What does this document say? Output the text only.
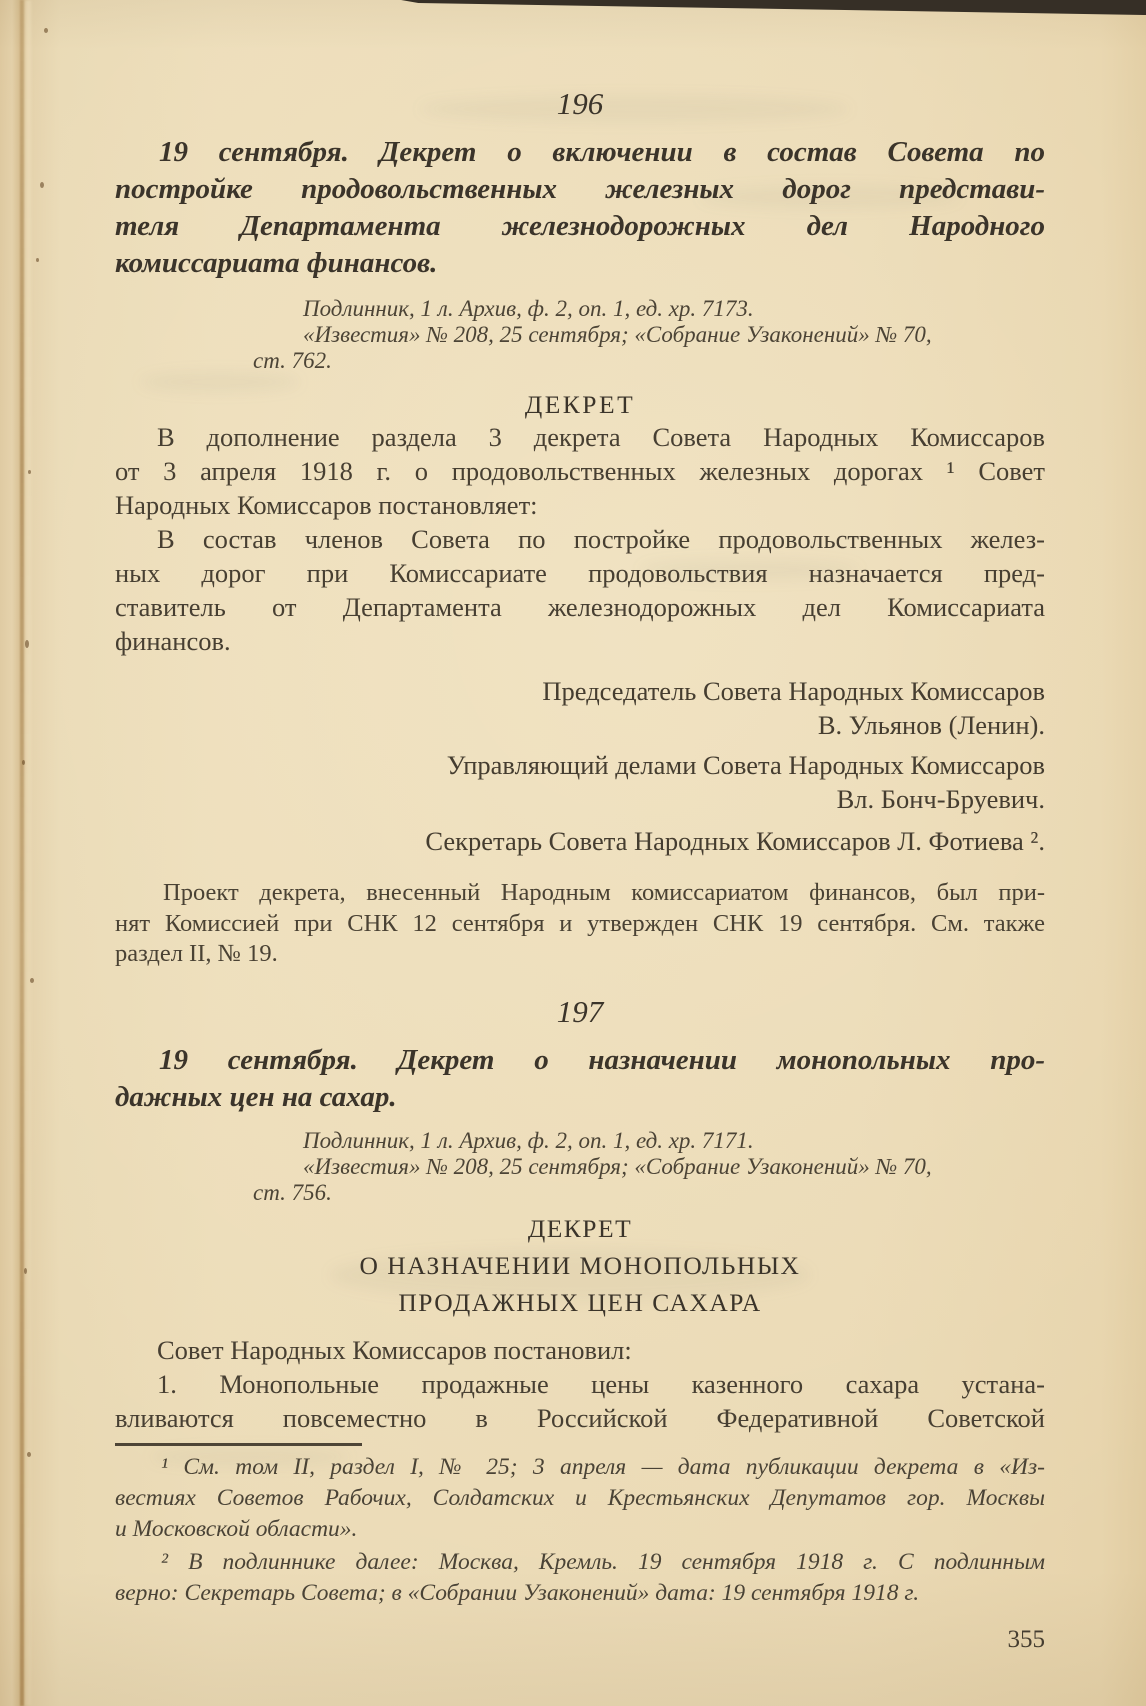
196
19 сентября. Декрет о включении в состав Совета по
постройке продовольственных железных дорог представи-
теля Департамента железнодорожных дел Народного
комиссариата финансов.
Подлинник, 1 л. Архив, ф. 2, оп. 1, ед. хр. 7173.
«Известия» № 208, 25 сентября; «Собрание Узаконений» № 70,
ст. 762.
ДЕКРЕТ
В дополнение раздела 3 декрета Совета Народных Комиссаров
от 3 апреля 1918 г. о продовольственных железных дорогах ¹ Совет
Народных Комиссаров постановляет:
В состав членов Совета по постройке продовольственных желез-
ных дорог при Комиссариате продовольствия назначается пред-
ставитель от Департамента железнодорожных дел Комиссариата
финансов.
Председатель Совета Народных Комиссаров
В. Ульянов (Ленин).
Управляющий делами Совета Народных Комиссаров
Вл. Бонч-Бруевич.
Секретарь Совета Народных Комиссаров Л. Фотиева ².
Проект декрета, внесенный Народным комиссариатом финансов, был при-
нят Комиссией при СНК 12 сентября и утвержден СНК 19 сентября. См. также
раздел II, № 19.
197
19 сентября. Декрет о назначении монопольных про-
дажных цен на сахар.
Подлинник, 1 л. Архив, ф. 2, оп. 1, ед. хр. 7171.
«Известия» № 208, 25 сентября; «Собрание Узаконений» № 70,
ст. 756.
ДЕКРЕТ
О НАЗНАЧЕНИИ МОНОПОЛЬНЫХ
ПРОДАЖНЫХ ЦЕН САХАРА
Совет Народных Комиссаров постановил:
1. Монопольные продажные цены казенного сахара устана-
вливаются повсеместно в Российской Федеративной Советской
¹ См. том II, раздел I, № 25; 3 апреля — дата публикации декрета в «Из-
вестиях Советов Рабочих, Солдатских и Крестьянских Депутатов гор. Москвы
и Московской области».
² В подлиннике далее: Москва, Кремль. 19 сентября 1918 г. С подлинным
верно: Секретарь Совета; в «Собрании Узаконений» дата: 19 сентября 1918 г.
355
